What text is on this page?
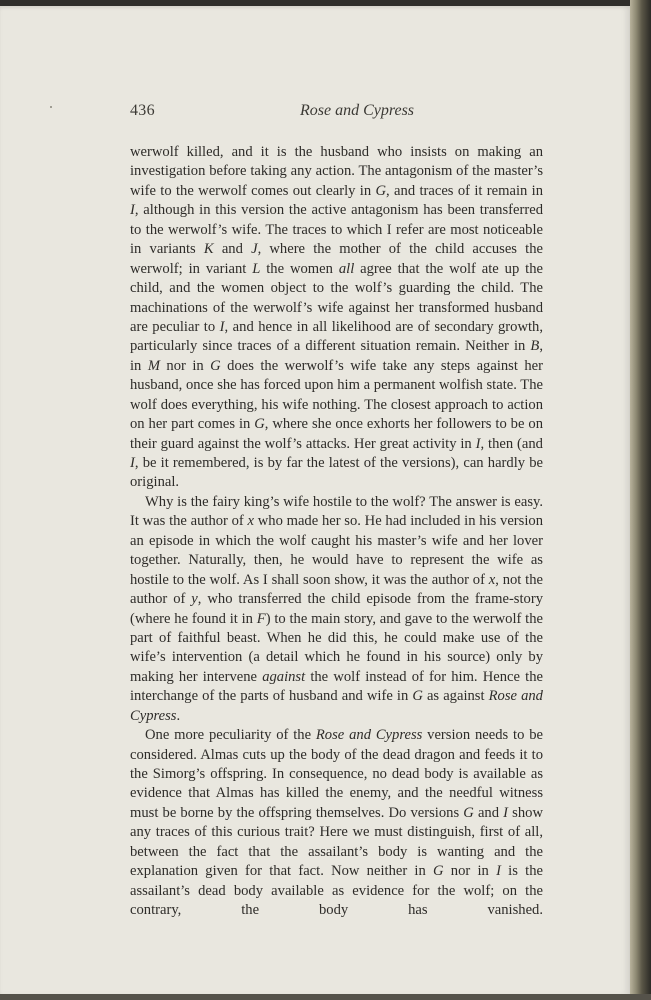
436	Rose and Cypress

werwolf killed, and it is the husband who insists on making an investigation before taking any action. The antagonism of the master’s wife to the werwolf comes out clearly in G, and traces of it remain in I, although in this version the active antagonism has been transferred to the werwolf’s wife. The traces to which I refer are most noticeable in variants K and J, where the mother of the child accuses the werwolf; in variant L the women all agree that the wolf ate up the child, and the women object to the wolf’s guarding the child. The machinations of the werwolf’s wife against her transformed husband are peculiar to I, and hence in all likelihood are of secondary growth, particularly since traces of a different situation remain. Neither in B, in M nor in G does the werwolf’s wife take any steps against her husband, once she has forced upon him a permanent wolfish state. The wolf does everything, his wife nothing. The closest approach to action on her part comes in G, where she once exhorts her followers to be on their guard against the wolf’s attacks. Her great activity in I, then (and I, be it remembered, is by far the latest of the versions), can hardly be original.

Why is the fairy king’s wife hostile to the wolf? The answer is easy. It was the author of x who made her so. He had included in his version an episode in which the wolf caught his master’s wife and her lover together. Naturally, then, he would have to represent the wife as hostile to the wolf. As I shall soon show, it was the author of x, not the author of y, who transferred the child episode from the frame-story (where he found it in F) to the main story, and gave to the werwolf the part of faithful beast. When he did this, he could make use of the wife’s intervention (a detail which he found in his source) only by making her intervene against the wolf instead of for him. Hence the interchange of the parts of husband and wife in G as against Rose and Cypress.

One more peculiarity of the Rose and Cypress version needs to be considered. Almas cuts up the body of the dead dragon and feeds it to the Simorg’s offspring. In consequence, no dead body is available as evidence that Almas has killed the enemy, and the needful witness must be borne by the offspring themselves. Do versions G and I show any traces of this curious trait? Here we must distinguish, first of all, between the fact that the assailant’s body is wanting and the explanation given for that fact. Now neither in G nor in I is the assailant’s dead body available as evidence for the wolf; on the contrary, the body has vanished.
